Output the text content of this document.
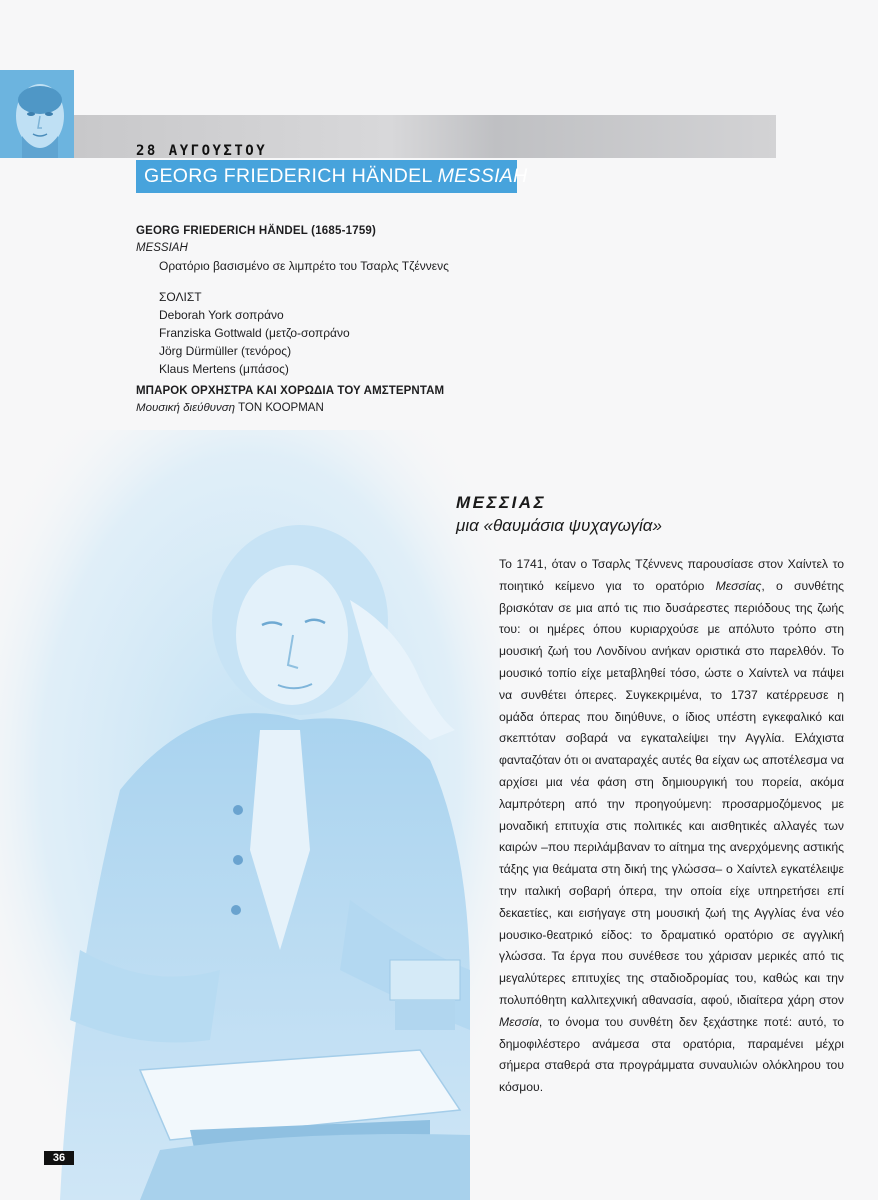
28 ΑΥΓΟΥΣΤΟΥ
GEORG FRIEDERICH HÄNDEL MESSIAH
GEORG FRIEDERICH HÄNDEL (1685-1759)
MESSIAH
Ορατόριο βασισμένο σε λιμπρέτο του Τσαρλς Τζέννενς
ΣΟΛΙΣΤ
Deborah York σοπράνο
Franziska Gottwald (μετζο-σοπράνο
Jörg Dürmüller (τενόρος)
Klaus Mertens (μπάσος)
ΜΠΑΡΟΚ ΟΡΧΗΣΤΡΑ ΚΑΙ ΧΟΡΩΔΙΑ ΤΟΥ ΑΜΣΤΕΡΝΤΑΜ
Μουσική διεύθυνση ΤΟΝ ΚΟΟΡΜΑΝ
ΜΕΣΣΙΑΣ
μια «θαυμάσια ψυχαγωγία»
Το 1741, όταν ο Τσαρλς Τζέννενς παρουσίασε στον Χαίντελ το ποιητικό κείμενο για το ορατόριο Μεσσίας, ο συνθέτης βρισκόταν σε μια από τις πιο δυσάρεστες περιόδους της ζωής του: οι ημέρες όπου κυριαρχούσε με απόλυτο τρόπο στη μουσική ζωή του Λονδίνου ανήκαν οριστικά στο παρελθόν. Το μουσικό τοπίο είχε μεταβληθεί τόσο, ώστε ο Χαίντελ να πάψει να συνθέτει όπερες. Συγκεκριμένα, το 1737 κατέρρευσε η ομάδα όπερας που διηύθυνε, ο ίδιος υπέστη εγκεφαλικό και σκεπτόταν σοβαρά να εγκαταλείψει την Αγγλία. Ελάχιστα φανταζόταν ότι οι αναταραχές αυτές θα είχαν ως αποτέλεσμα να αρχίσει μια νέα φάση στη δημιουργική του πορεία, ακόμα λαμπρότερη από την προηγούμενη: προσαρμοζόμενος με μοναδική επιτυχία στις πολιτικές και αισθητικές αλλαγές των καιρών –που περιλάμβαναν το αίτημα της ανερχόμενης αστικής τάξης για θεάματα στη δική της γλώσσα– ο Χαίντελ εγκατέλειψε την ιταλική σοβαρή όπερα, την οποία είχε υπηρετήσει επί δεκαετίες, και εισήγαγε στη μουσική ζωή της Αγγλίας ένα νέο μουσικο-θεατρικό είδος: το δραματικό ορατόριο σε αγγλική γλώσσα. Τα έργα που συνέθεσε του χάρισαν μερικές από τις μεγαλύτερες επιτυχίες της σταδιοδρομίας του, καθώς και την πολυπόθητη καλλιτεχνική αθανασία, αφού, ιδιαίτερα χάρη στον Μεσσία, το όνομα του συνθέτη δεν ξεχάστηκε ποτέ: αυτό, το δημοφιλέστερο ανάμεσα στα ορατόρια, παραμένει μέχρι σήμερα σταθερά στα προγράμματα συναυλιών ολόκληρου του κόσμου.
36
